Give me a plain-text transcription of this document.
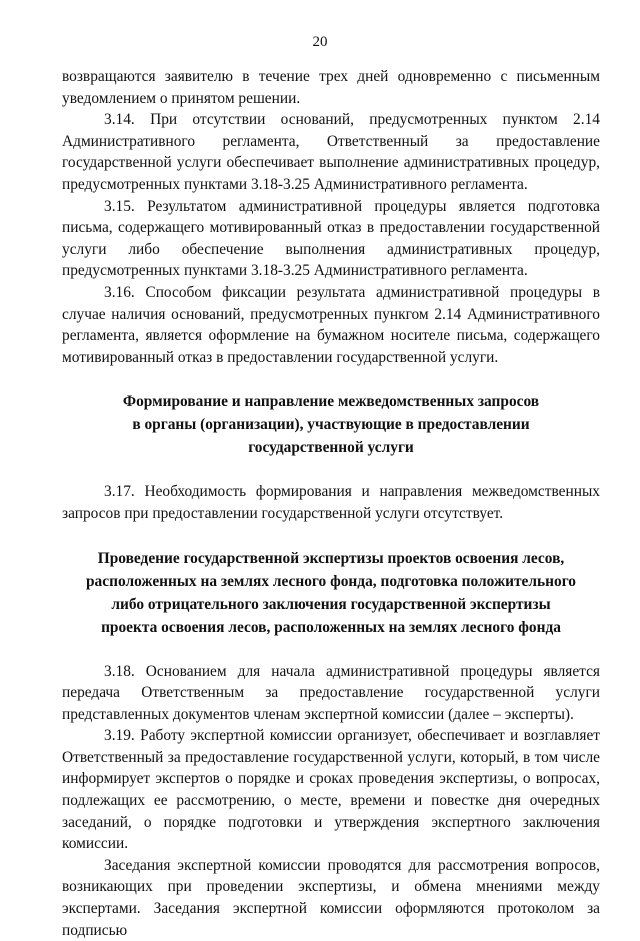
20

возвращаются заявителю в течение трех дней одновременно с письменным уведомлением о принятом решении.

3.14. При отсутствии оснований, предусмотренных пунктом 2.14 Административного регламента, Ответственный за предоставление государственной услуги обеспечивает выполнение административных процедур, предусмотренных пунктами 3.18-3.25 Административного регламента.

3.15. Результатом административной процедуры является подготовка письма, содержащего мотивированный отказ в предоставлении государственной услуги либо обеспечение выполнения административных процедур, предусмотренных пунктами 3.18-3.25 Административного регламента.

3.16. Способом фиксации результата административной процедуры в случае наличия оснований, предусмотренных пункгом 2.14 Административного регламента, является оформление на бумажном носителе письма, содержащего мотивированный отказ в предоставлении государственной услуги.

Формирование и направление межведомственных запросов
в органы (организации), участвующие в предоставлении
государственной услуги

3.17. Необходимость формирования и направления межведомственных запросов при предоставлении государственной услуги отсутствует.

Проведение государственной экспертизы проектов освоения лесов,
расположенных на землях лесного фонда, подготовка положительного
либо отрицательного заключения государственной экспертизы
проекта освоения лесов, расположенных на землях лесного фонда

3.18. Основанием для начала административной процедуры является передача Ответственным за предоставление государственной услуги представленных документов членам экспертной комиссии (далее – эксперты).

3.19. Работу экспертной комиссии организует, обеспечивает и возглавляет Ответственный за предоставление государственной услуги, который, в том числе информирует экспертов о порядке и сроках проведения экспертизы, о вопросах, подлежащих ее рассмотрению, о месте, времени и повестке дня очередных заседаний, о порядке подготовки и утверждения экспертного заключения комиссии.

Заседания экспертной комиссии проводятся для рассмотрения вопросов, возникающих при проведении экспертизы, и обмена мнениями между экспертами. Заседания экспертной комиссии оформляются протоколом за подписью
